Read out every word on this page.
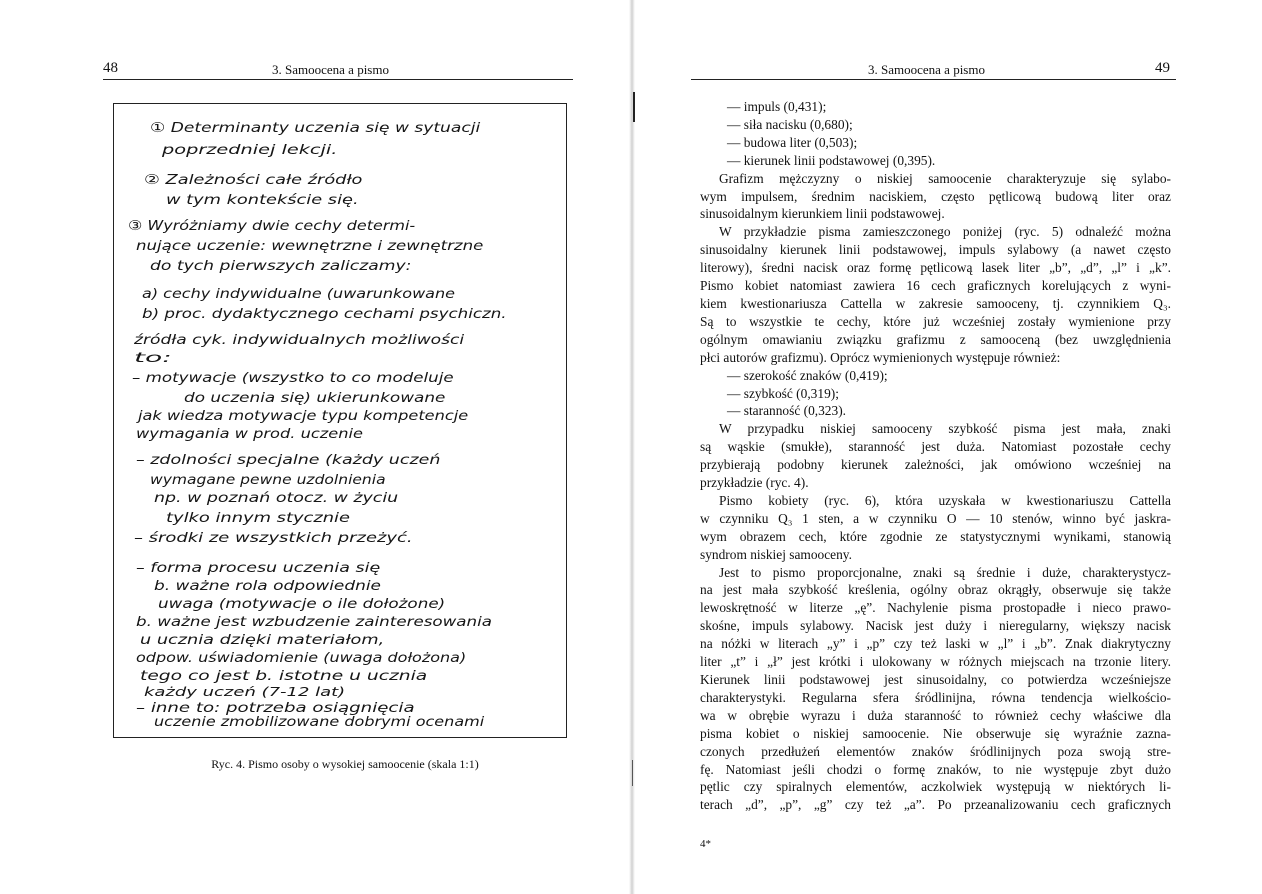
48	3. Samoocena a pismo
① Determinanty uczenia się w sytuacji
poprzedniej lekcji.
② Zależności całe źródło
w tym kontekście się.
③ Wyróżniamy dwie cechy determi-
nujące uczenie: wewnętrzne i zewnętrzne
do tych pierwszych zaliczamy:
a) cechy indywidualne (uwarunkowane
b) proc. dydaktycznego cechami psychiczn.
źródła cyk. indywidualnych możliwości
to:
– motywacje (wszystko to co modeluje
do uczenia się) ukierunkowane
jak wiedza motywacje typu kompetencje
wymagania w prod. uczenie
– zdolności specjalne (każdy uczeń
wymagane pewne uzdolnienia
np. w poznań otocz. w życiu
tylko innym stycznie
– środki ze wszystkich przeżyć.
– forma procesu uczenia się
b. ważne rola odpowiednie
uwaga (motywacje o ile dołożone)
b. ważne jest wzbudzenie zainteresowania
u ucznia dzięki materiałom,
odpow. uświadomienie (uwaga dołożona)
tego co jest b. istotne u ucznia
każdy uczeń (7-12 lat)
– inne to: potrzeba osiągnięcia
uczenie zmobilizowane dobrymi ocenami
Ryc. 4. Pismo osoby o wysokiej samoocenie (skala 1:1)
3. Samoocena a pismo	49
— impuls (0,431);
— siła nacisku (0,680);
— budowa liter (0,503);
— kierunek linii podstawowej (0,395).
Grafizm mężczyzny o niskiej samoocenie charakteryzuje się sylabo-
wym impulsem, średnim naciskiem, często pętlicową budową liter oraz
sinusoidalnym kierunkiem linii podstawowej.
W przykładzie pisma zamieszczonego poniżej (ryc. 5) odnaleźć można
sinusoidalny kierunek linii podstawowej, impuls sylabowy (a nawet często
literowy), średni nacisk oraz formę pętlicową lasek liter „b”, „d”, „l” i „k”.
Pismo kobiet natomiast zawiera 16 cech graficznych korelujących z wyni-
kiem kwestionariusza Cattella w zakresie samooceny, tj. czynnikiem Q₃.
Są to wszystkie te cechy, które już wcześniej zostały wymienione przy
ogólnym omawianiu związku grafizmu z samooceną (bez uwzględnienia
płci autorów grafizmu). Oprócz wymienionych występuje również:
— szerokość znaków (0,419);
— szybkość (0,319);
— staranność (0,323).
W przypadku niskiej samooceny szybkość pisma jest mała, znaki
są wąskie (smukłe), staranność jest duża. Natomiast pozostałe cechy
przybierają podobny kierunek zależności, jak omówiono wcześniej na
przykładzie (ryc. 4).
Pismo kobiety (ryc. 6), która uzyskała w kwestionariuszu Cattella
w czynniku Q₃ 1 sten, a w czynniku O — 10 stenów, winno być jaskra-
wym obrazem cech, które zgodnie ze statystycznymi wynikami, stanowią
syndrom niskiej samooceny.
Jest to pismo proporcjonalne, znaki są średnie i duże, charakterystycz-
na jest mała szybkość kreślenia, ogólny obraz okrągły, obserwuje się także
lewoskrętność w literze „ę”. Nachylenie pisma prostopadłe i nieco prawo-
skośne, impuls sylabowy. Nacisk jest duży i nieregularny, większy nacisk
na nóżki w literach „y” i „p” czy też laski w „l” i „b”. Znak diakrytyczny
liter „t” i „ł” jest krótki i ulokowany w różnych miejscach na trzonie litery.
Kierunek linii podstawowej jest sinusoidalny, co potwierdza wcześniejsze
charakterystyki. Regularna sfera śródlinijna, równa tendencja wielkościo-
wa w obrębie wyrazu i duża staranność to również cechy właściwe dla
pisma kobiet o niskiej samoocenie. Nie obserwuje się wyraźnie zazna-
czonych przedłużeń elementów znaków śródlinijnych poza swoją stre-
fę. Natomiast jeśli chodzi o formę znaków, to nie występuje zbyt dużo
pętlic czy spiralnych elementów, aczkolwiek występują w niektórych li-
terach „d”, „p”, „g” czy też „a”. Po przeanalizowaniu cech graficznych
4*
